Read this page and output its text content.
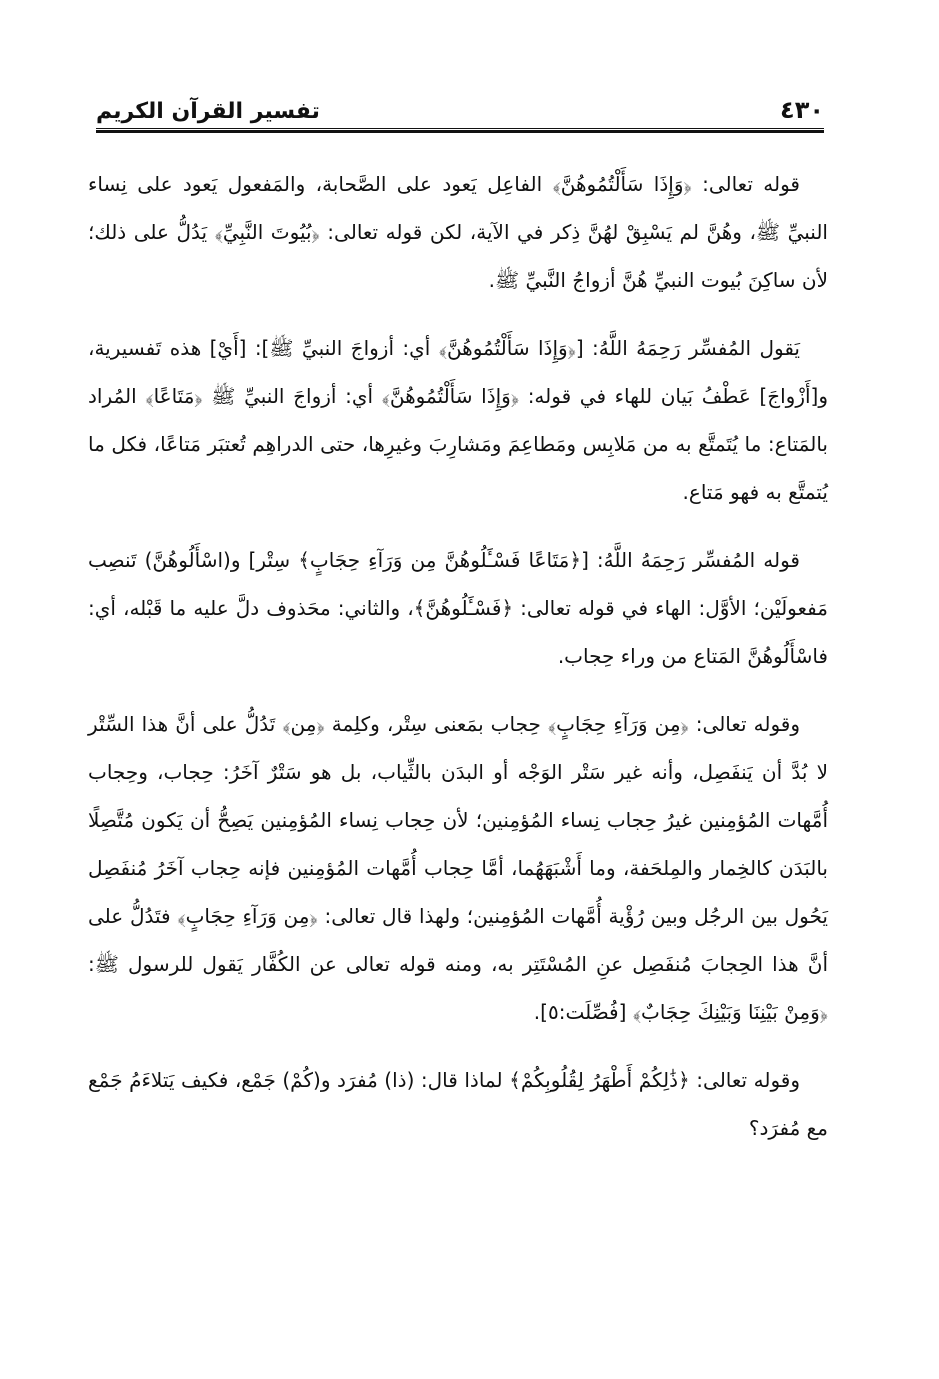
٤٣٠
تفسير القرآن الكريم

قوله تعالى: ﴿وَإِذَا سَأَلْتُمُوهُنَّ﴾ الفاعِل يَعود على الصَّحابة، والمَفعول يَعود على نِساء النبيِّ ﷺ، وهُنَّ لم يَسْبِقْ لهُنَّ ذِكر في الآية، لكن قوله تعالى: ﴿بُيُوتَ النَّبِيِّ﴾ يَدُلُّ على ذلك؛ لأن ساكِنَ بُيوت النبيِّ هُنَّ أزواجُ النَّبيِّ ﷺ.

يَقول المُفسِّر رَحِمَهُ اللَّهُ: [﴿وَإِذَا سَأَلْتُمُوهُنَّ﴾ أي: أزواجَ النبيِّ ﷺ]: [أَيْ] هذه تَفسيرية، و[أَزْواجَ] عَطْفُ بَيان للهاء في قوله: ﴿وَإِذَا سَأَلْتُمُوهُنَّ﴾ أي: أزواجَ النبيِّ ﷺ ﴿مَتَاعًا﴾ المُراد بالمَتاع: ما يُتَمتَّع به من مَلابِس ومَطاعِمَ ومَشارِبَ وغيرِها، حتى الدراهِم تُعتبَر مَتاعًا، فكل ما يُتمتَّع به فهو مَتاع.

قوله المُفسِّر رَحِمَهُ اللَّهُ: [﴿مَتَاعًا فَسْـَٔلُوهُنَّ مِن وَرَآءِ حِجَابٍ﴾ سِتْر] و(اسْأَلُوهُنَّ) تَنصِب مَفعولَيْن؛ الأوَّل: الهاء في قوله تعالى: ﴿فَسْـَٔلُوهُنَّ﴾، والثاني: محَذوف دلَّ عليه ما قَبْله، أي: فاسْأَلُوهُنَّ المَتاع من وراء حِجاب.

وقوله تعالى: ﴿مِن وَرَآءِ حِجَابٍ﴾ حِجاب بمَعنى سِتْر، وكلِمة ﴿مِن﴾ تَدُلُّ على أنَّ هذا السِّتْر لا بُدَّ أن يَنفَصِل، وأنه غير سَتْر الوَجْه أو البدَن بالثِّياب، بل هو سَتْرٌ آخَرُ: حِجاب، وحِجاب أُمَّهات المُؤمِنين غيرُ حِجاب نِساء المُؤمِنين؛ لأن حِجاب نِساء المُؤمِنين يَصِحُّ أن يَكون مُتَّصِلًا بالبَدَن كالخِمار والمِلحَفة، وما أَشْبَهَهُما، أمَّا حِجاب أُمَّهات المُؤمِنين فإنه حِجاب آخَرُ مُنفَصِل يَحُول بين الرجُل وبين رُؤْية أُمَّهات المُؤمِنين؛ ولهذا قال تعالى: ﴿مِن وَرَآءِ حِجَابٍ﴾ فتَدُلُّ على أنَّ هذا الحِجابَ مُنفَصِل عنِ المُسْتَتِر به، ومنه قوله تعالى عن الكُفَّار يَقول للرسول ﷺ: ﴿وَمِنْ بَيْنِنَا وَبَيْنِكَ حِجَابٌ﴾ [فُصِّلَت:٥].

وقوله تعالى: ﴿ذَٰلِكُمْ أَطْهَرُ لِقُلُوبِكُمْ﴾ لماذا قال: (ذا) مُفرَد و(كُمْ) جَمْع، فكيف يَتلاءَمُ جَمْع مع مُفرَد؟
